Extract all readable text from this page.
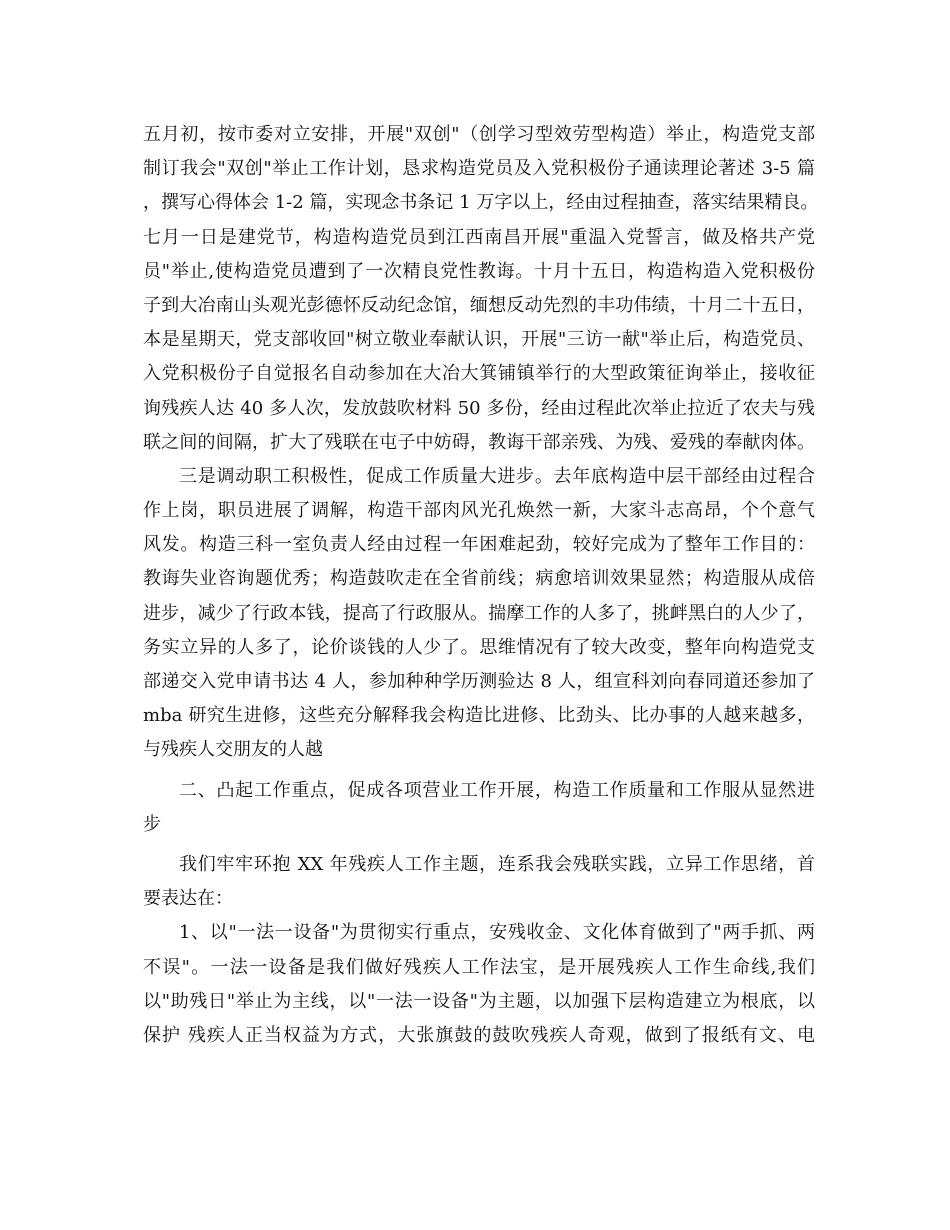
五月初，按市委对立安排，开展"双创"（创学习型效劳型构造）举止，构造党支部
制订我会"双创"举止工作计划，恳求构造党员及入党积极份子通读理论著述 3-5 篇
，撰写心得体会 1-2 篇，实现念书条记 1 万字以上，经由过程抽查，落实结果精良。
七月一日是建党节，构造构造党员到江西南昌开展"重温入党誓言，做及格共产党
员"举止,使构造党员遭到了一次精良党性教诲。十月十五日，构造构造入党积极份
子到大冶南山头观光彭德怀反动纪念馆，缅想反动先烈的丰功伟绩，十月二十五日，
本是星期天，党支部收回"树立敬业奉献认识，开展"三访一献"举止后，构造党员、
入党积极份子自觉报名自动参加在大冶大箕铺镇举行的大型政策征询举止，接收征
询残疾人达 40 多人次，发放鼓吹材料 50 多份，经由过程此次举止拉近了农夫与残
联之间的间隔，扩大了残联在屯子中妨碍，教诲干部亲残、为残、爱残的奉献肉体。
三是调动职工积极性，促成工作质量大进步。去年底构造中层干部经由过程合
作上岗，职员进展了调解，构造干部肉风光孔焕然一新，大家斗志高昂，个个意气
风发。构造三科一室负责人经由过程一年困难起劲，较好完成为了整年工作目的：
教诲失业咨询题优秀；构造鼓吹走在全省前线；病愈培训效果显然；构造服从成倍
进步，减少了行政本钱，提高了行政服从。揣摩工作的人多了，挑衅黑白的人少了，
务实立异的人多了，论价谈钱的人少了。思维情况有了较大改变，整年向构造党支
部递交入党申请书达 4 人，参加种种学历测验达 8 人，组宣科刘向春同道还参加了
mba 研究生进修，这些充分解释我会构造比进修、比劲头、比办事的人越来越多，
与残疾人交朋友的人越
二、凸起工作重点，促成各项营业工作开展，构造工作质量和工作服从显然进
步
我们牢牢环抱 XX 年残疾人工作主题，连系我会残联实践，立异工作思绪，首
要表达在：
1、以"一法一设备"为贯彻实行重点，安残收金、文化体育做到了"两手抓、两
不误"。一法一设备是我们做好残疾人工作法宝，是开展残疾人工作生命线,我们
以"助残日"举止为主线，以"一法一设备"为主题，以加强下层构造建立为根底，以
保护 残疾人正当权益为方式，大张旗鼓的鼓吹残疾人奇观，做到了报纸有文、电
